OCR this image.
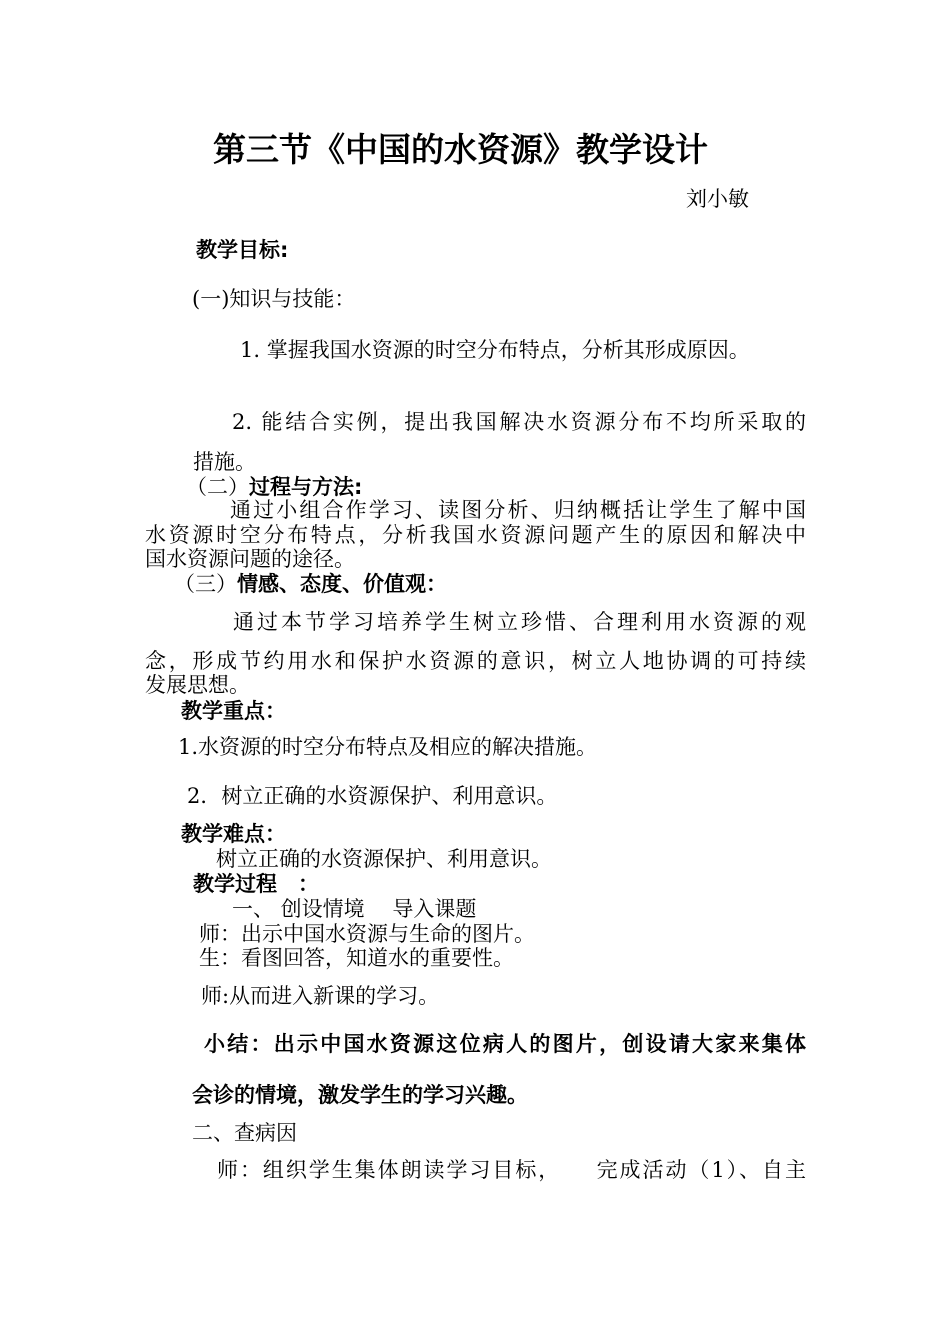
第三节《中国的水资源》教学设计
刘小敏
教学目标:
(一)知识与技能：
1. 掌握我国水资源的时空分布特点，分析其形成原因。
2. 能结合实例，提出我国解决水资源分布不均所采取的
措施。
（二）过程与方法:
通过小组合作学习、读图分析、归纳概括让学生了解中国
水资源时空分布特点，分析我国水资源问题产生的原因和解决中
国水资源问题的途径。
（三）情感、态度、价值观：
通过本节学习培养学生树立珍惜、合理利用水资源的观
念，形成节约用水和保护水资源的意识，树立人地协调的可持续
发展思想。
教学重点：
1.水资源的时空分布特点及相应的解决措施。
2．树立正确的水资源保护、利用意识。
教学难点：
树立正确的水资源保护、利用意识。
教学过程　：
一、 创设情境　 导入课题
师：出示中国水资源与生命的图片。
生：看图回答，知道水的重要性。
师:从而进入新课的学习。
小结：出示中国水资源这位病人的图片，创设请大家来集体
会诊的情境，激发学生的学习兴趣。
二、查病因
师：组织学生集体朗读学习目标，　　完成活动（1）、自主
